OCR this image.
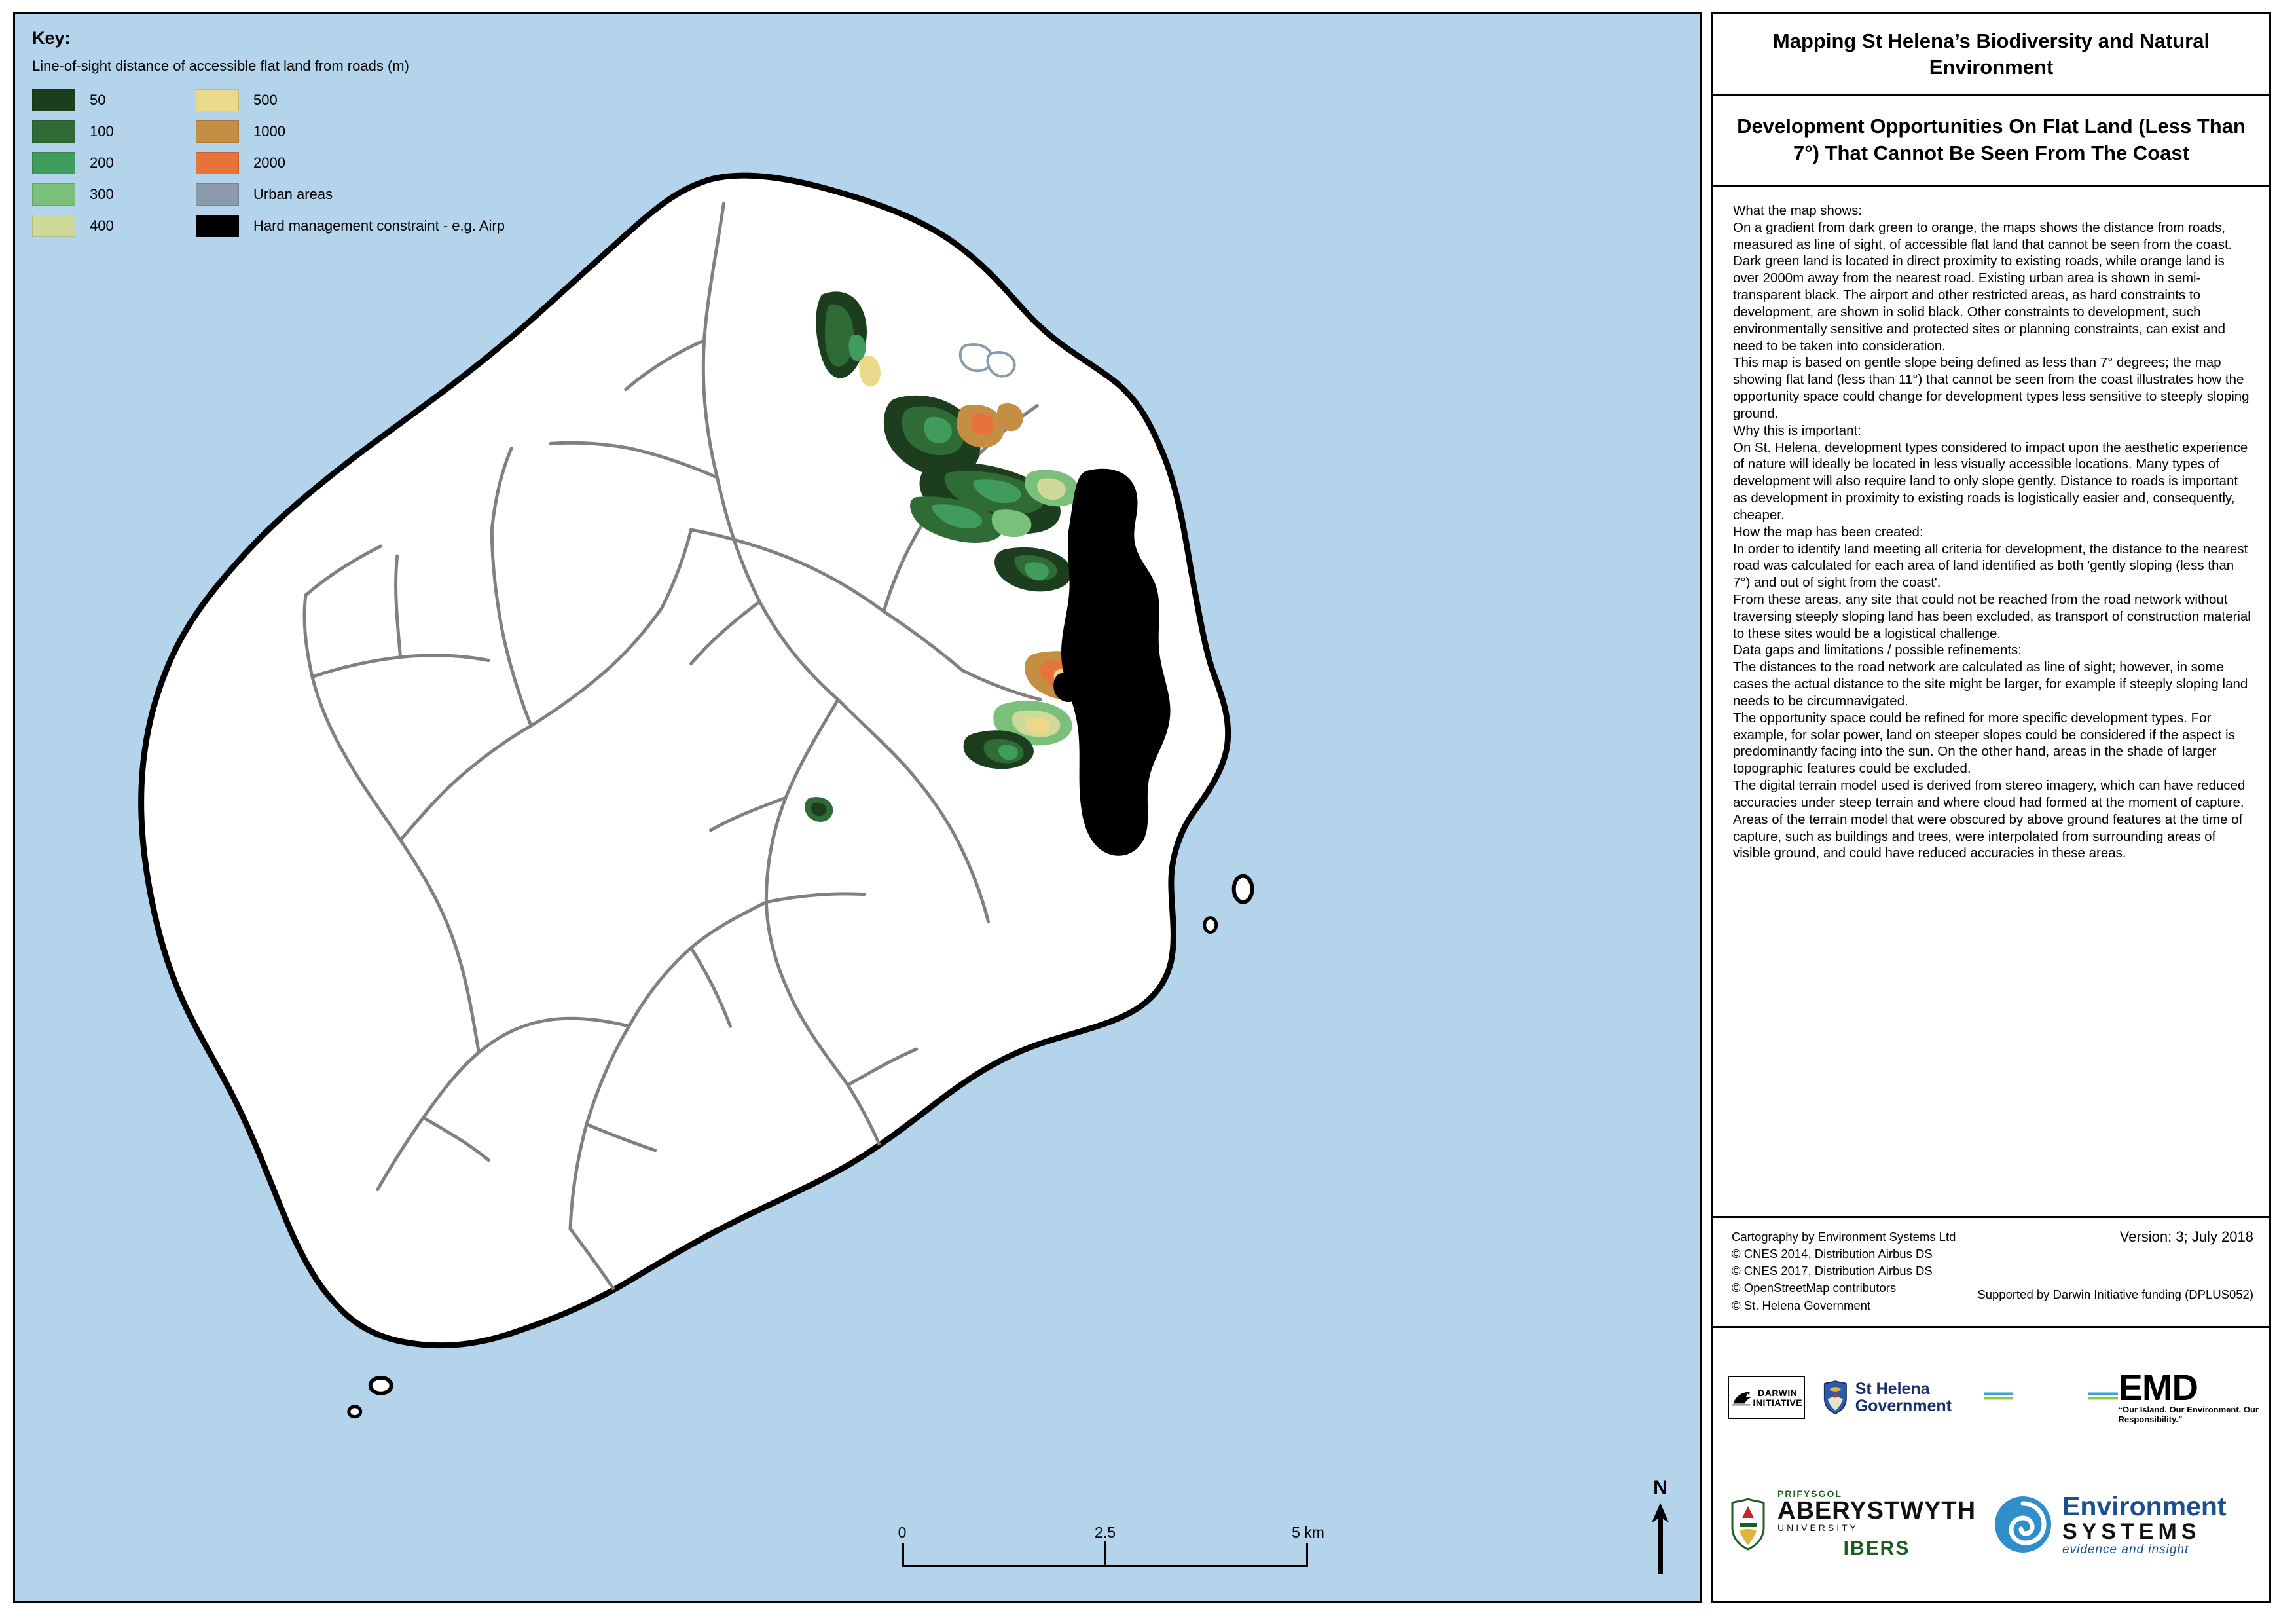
Key:
Line-of-sight distance of accessible flat land from roads (m)
50
100
200
300
400
500
1000
2000
Urban areas
Hard management constraint - e.g. Airp
0	2.5	5 km
N
Mapping St Helena’s Biodiversity and Natural Environment
Development Opportunities On Flat Land (Less Than 7°) That Cannot Be Seen From The Coast

What the map shows:

On a gradient from dark green to orange, the maps shows the distance from roads, measured as line of sight, of accessible flat land that cannot be seen from the coast. Dark green land is located in direct proximity to existing roads, while orange land is over 2000m away from the nearest road. Existing urban area is shown in semi-transparent black. The airport and other restricted areas, as hard constraints to development, are shown in solid black. Other constraints to development, such environmentally sensitive and protected sites or planning constraints, can exist and need to be taken into consideration.

This map is based on gentle slope being defined as less than 7° degrees; the map showing flat land (less than 11°) that cannot be seen from the coast illustrates how the opportunity space could change for development types less sensitive to steeply sloping ground.

Why this is important:

On St. Helena, development types considered to impact upon the aesthetic experience of nature will ideally be located in less visually accessible locations. Many types of development will also require land to only slope gently. Distance to roads is important as development in proximity to existing roads is logistically easier and, consequently, cheaper.

How the map has been created:

In order to identify land meeting all criteria for development, the distance to the nearest road was calculated for each area of land identified as both 'gently sloping (less than 7°) and out of sight from the coast'.

From these areas, any site that could not be reached from the road network without traversing steeply sloping land has been excluded, as transport of construction material to these sites would be a logistical challenge.

Data gaps and limitations / possible refinements:

The distances to the road network are calculated as line of sight; however, in some cases the actual distance to the site might be larger, for example if steeply sloping land needs to be circumnavigated.

The opportunity space could be refined for more specific development types. For example, for solar power, land on steeper slopes could be considered if the aspect is predominantly facing into the sun. On the other hand, areas in the shade of larger topographic features could be excluded.

The digital terrain model used is derived from stereo imagery, which can have reduced accuracies under steep terrain and where cloud had formed at the moment of capture. Areas of the terrain model that were obscured by above ground features at the time of capture, such as buildings and trees, were interpolated from surrounding areas of visible ground, and could have reduced accuracies in these areas.

Cartography by Environment Systems Ltd
© CNES 2014, Distribution Airbus DS
© CNES 2017, Distribution Airbus DS
© OpenStreetMap contributors
© St. Helena Government
Version: 3; July 2018
Supported by Darwin Initiative funding (DPLUS052)
DARWIN INITIATIVE
St Helena Government	EMD
“Our Island. Our Environment. Our Responsibility.”
PRIFYSGOL
ABERYSTWYTH
UNIVERSITY
IBERS
Environment
SYSTEMS
evidence and insight
